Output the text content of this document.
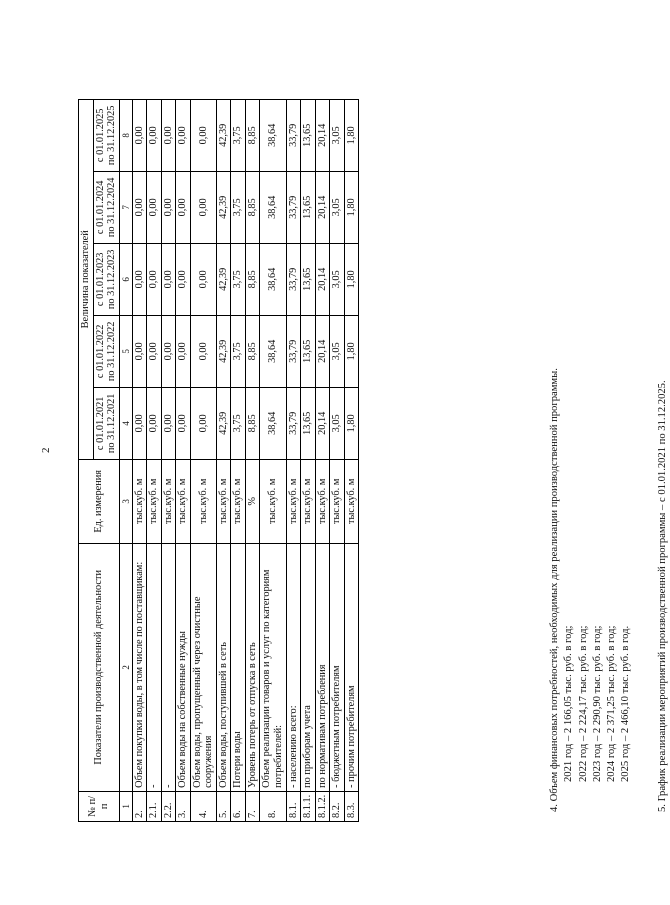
2
№ п/п	Показатели производственной деятельности	Ед. измерения	Величина показателей				
			с 01.01.2021 по 31.12.2021	с 01.01.2022 по 31.12.2022	с 01.01.2023 по 31.12.2023	с 01.01.2024 по 31.12.2024	с 01.01.2025 по 31.12.2025
1	2	3	4	5	6	7	8
2.	Объем покупки воды, в том числе по поставщикам:	тыс.куб. м	0,00	0,00	0,00	0,00	0,00
2.1.	-	тыс.куб. м	0,00	0,00	0,00	0,00	0,00
2.2.	-	тыс.куб. м	0,00	0,00	0,00	0,00	0,00
3.	Объем воды на собственные нужды	тыс.куб. м	0,00	0,00	0,00	0,00	0,00
4.	Объем воды, пропущенный через очистные сооружения	тыс.куб. м	0,00	0,00	0,00	0,00	0,00
5.	Объем воды, поступившей в сеть	тыс.куб. м	42,39	42,39	42,39	42,39	42,39
6.	Потери воды	тыс.куб. м	3,75	3,75	3,75	3,75	3,75
7.	Уровень потерь от отпуска в сеть	%	8,85	8,85	8,85	8,85	8,85
8.	Объем реализации товаров и услуг по категориям потребителей:	тыс.куб. м	38,64	38,64	38,64	38,64	38,64
8.1.	- населению всего:	тыс.куб. м	33,79	33,79	33,79	33,79	33,79
8.1.1.	по приборам учета	тыс.куб. м	13,65	13,65	13,65	13,65	13,65
8.1.2.	по нормативам потребления	тыс.куб. м	20,14	20,14	20,14	20,14	20,14
8.2.	- бюджетным потребителям	тыс.куб. м	3,05	3,05	3,05	3,05	3,05
8.3.	- прочим потребителям	тыс.куб. м	1,80	1,80	1,80	1,80	1,80
4. Объем финансовых потребностей, необходимых для реализации производственной программы. 2021 год – 2 166,05 тыс. руб. в год; 2022 год – 2 224,17 тыс. руб. в год; 2023 год – 2 290,90 тыс. руб. в год; 2024 год – 2 371,25 тыс. руб. в год; 2025 год – 2 466,10 тыс. руб. в год. 5. График реализации мероприятий производственной программы – с 01.01.2021 по 31.12.2025.
